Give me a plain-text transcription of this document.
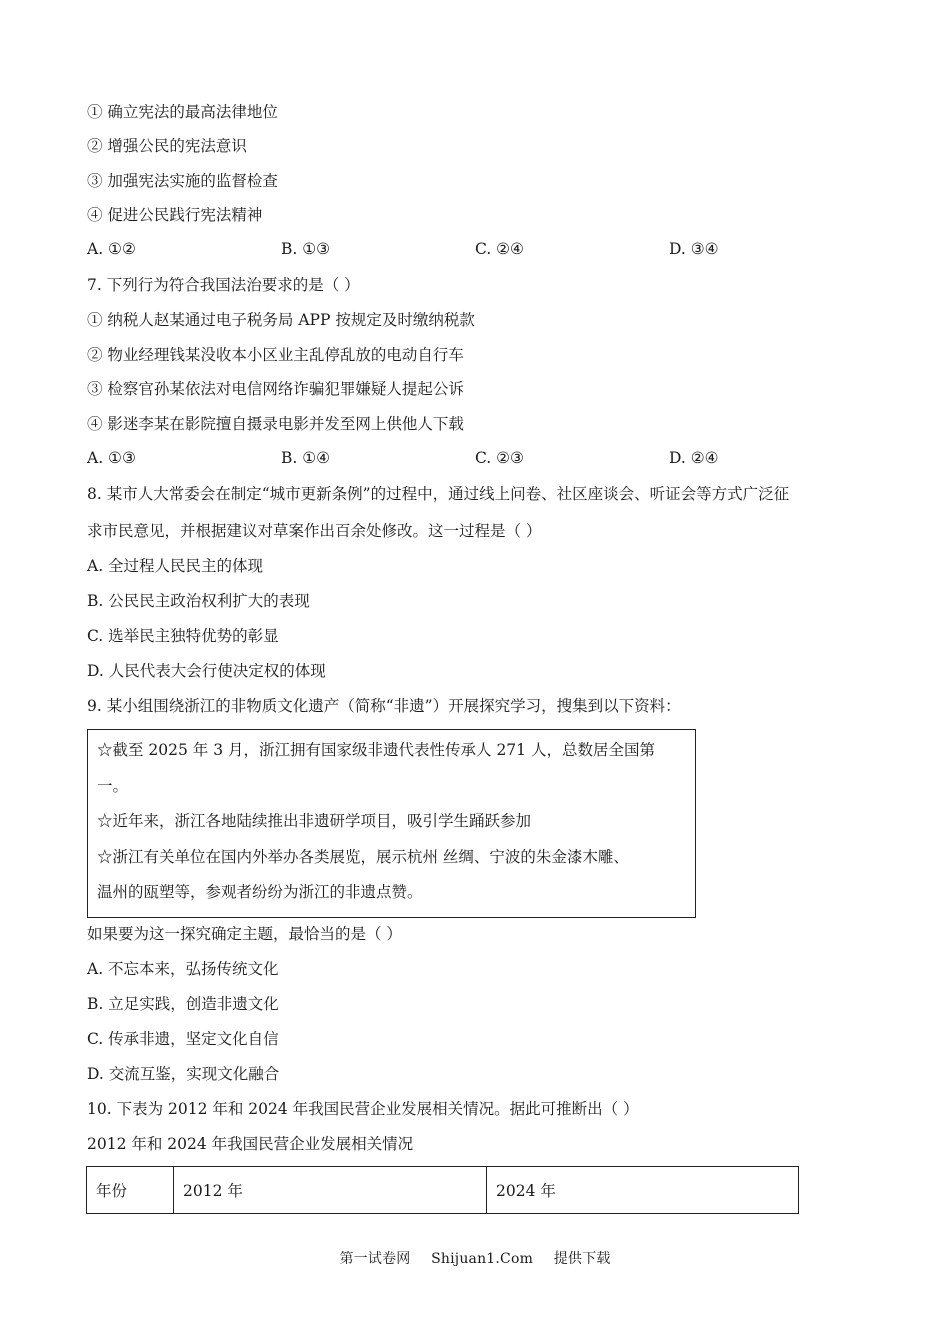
① 确立宪法的最高法律地位
② 增强公民的宪法意识
③ 加强宪法实施的监督检查
④ 促进公民践行宪法精神
A. ①②	B. ①③	C. ②④	D. ③④
7. 下列行为符合我国法治要求的是（ ）
① 纳税人赵某通过电子税务局 APP 按规定及时缴纳税款
② 物业经理钱某没收本小区业主乱停乱放的电动自行车
③ 检察官孙某依法对电信网络诈骗犯罪嫌疑人提起公诉
④ 影迷李某在影院擅自摄录电影并发至网上供他人下载
A. ①③	B. ①④	C. ②③	D. ②④
8. 某市人大常委会在制定“城市更新条例”的过程中，通过线上问卷、社区座谈会、听证会等方式广泛征
求市民意见，并根据建议对草案作出百余处修改。这一过程是（ ）
A. 全过程人民民主的体现
B. 公民民主政治权利扩大的表现
C. 选举民主独特优势的彰显
D. 人民代表大会行使决定权的体现
9. 某小组围绕浙江的非物质文化遗产（简称“非遗”）开展探究学习，搜集到以下资料：
☆截至 2025 年 3 月，浙江拥有国家级非遗代表性传承人 271 人，总数居全国第
一。
☆近年来，浙江各地陆续推出非遗研学项目，吸引学生踊跃参加
☆浙江有关单位在国内外举办各类展览，展示杭州 丝绸、宁波的朱金漆木雕、
温州的瓯塑等，参观者纷纷为浙江的非遗点赞。
如果要为这一探究确定主题，最恰当的是（ ）
A. 不忘本来，弘扬传统文化
B. 立足实践，创造非遗文化
C. 传承非遗，坚定文化自信
D. 交流互鉴，实现文化融合
10. 下表为 2012 年和 2024 年我国民营企业发展相关情况。据此可推断出（ ）
2012 年和 2024 年我国民营企业发展相关情况
年份	2012 年	2024 年
第一试卷网 Shijuan1.Com 提供下载
